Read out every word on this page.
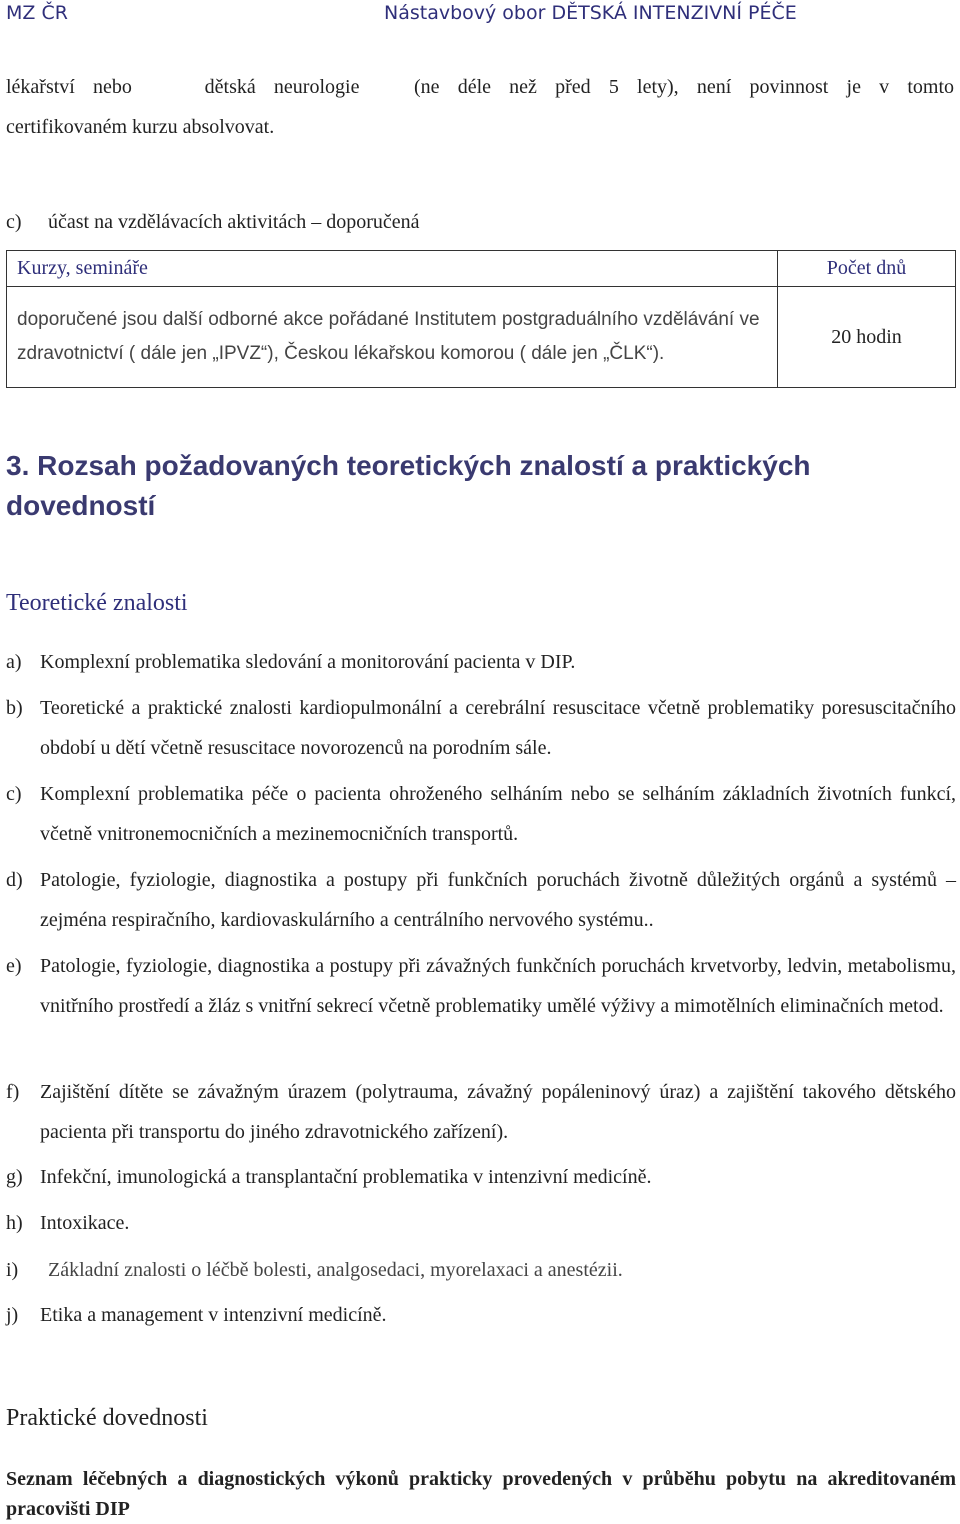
MZ ČR	Nástavbový obor DĚTSKÁ INTENZIVNÍ PÉČE
lékařství nebo    dětská neurologie   (ne déle než před 5 lety), není povinnost je v tomto
certifikovaném kurzu absolvovat.
c) účast na vzdělávacích aktivitách – doporučená
Kurzy, semináře	Počet dnů
doporučené jsou další odborné akce pořádané Institutem postgraduálního vzdělávání ve zdravotnictví ( dále jen „IPVZ“), Českou lékařskou komorou ( dále jen „ČLK“).	20 hodin
3. Rozsah požadovaných teoretických znalostí a praktických dovedností
Teoretické znalosti
a) Komplexní problematika sledování a monitorování pacienta v DIP.
b) Teoretické a praktické znalosti kardiopulmonální a cerebrální resuscitace včetně problematiky poresuscitačního období u dětí včetně resuscitace novorozenců na porodním sále.
c) Komplexní problematika péče o pacienta ohroženého selháním nebo se selháním základních životních funkcí, včetně vnitronemocničních a mezinemocničních transportů.
d) Patologie, fyziologie, diagnostika a postupy při funkčních poruchách životně důležitých orgánů a systémů – zejména respiračního, kardiovaskulárního a centrálního nervového systému..
e) Patologie, fyziologie, diagnostika a postupy při závažných funkčních poruchách krvetvorby, ledvin, metabolismu, vnitřního prostředí a žláz s vnitřní sekrecí včetně problematiky umělé výživy a mimotělních eliminačních metod.
f)	Zajištění dítěte se závažným úrazem (polytrauma, závažný popáleninový úraz) a zajištění takového dětského pacienta při transportu do jiného zdravotnického zařízení).
g) Infekční, imunologická a transplantační problematika v intenzivní medicíně.
h) Intoxikace.
i)	Základní znalosti o léčbě bolesti, analgosedaci, myorelaxaci a anestézii.
j)	Etika a management v intenzivní medicíně.
Praktické dovednosti
Seznam léčebných a diagnostických výkonů prakticky provedených v průběhu pobytu na akreditovaném pracovišti DIP
